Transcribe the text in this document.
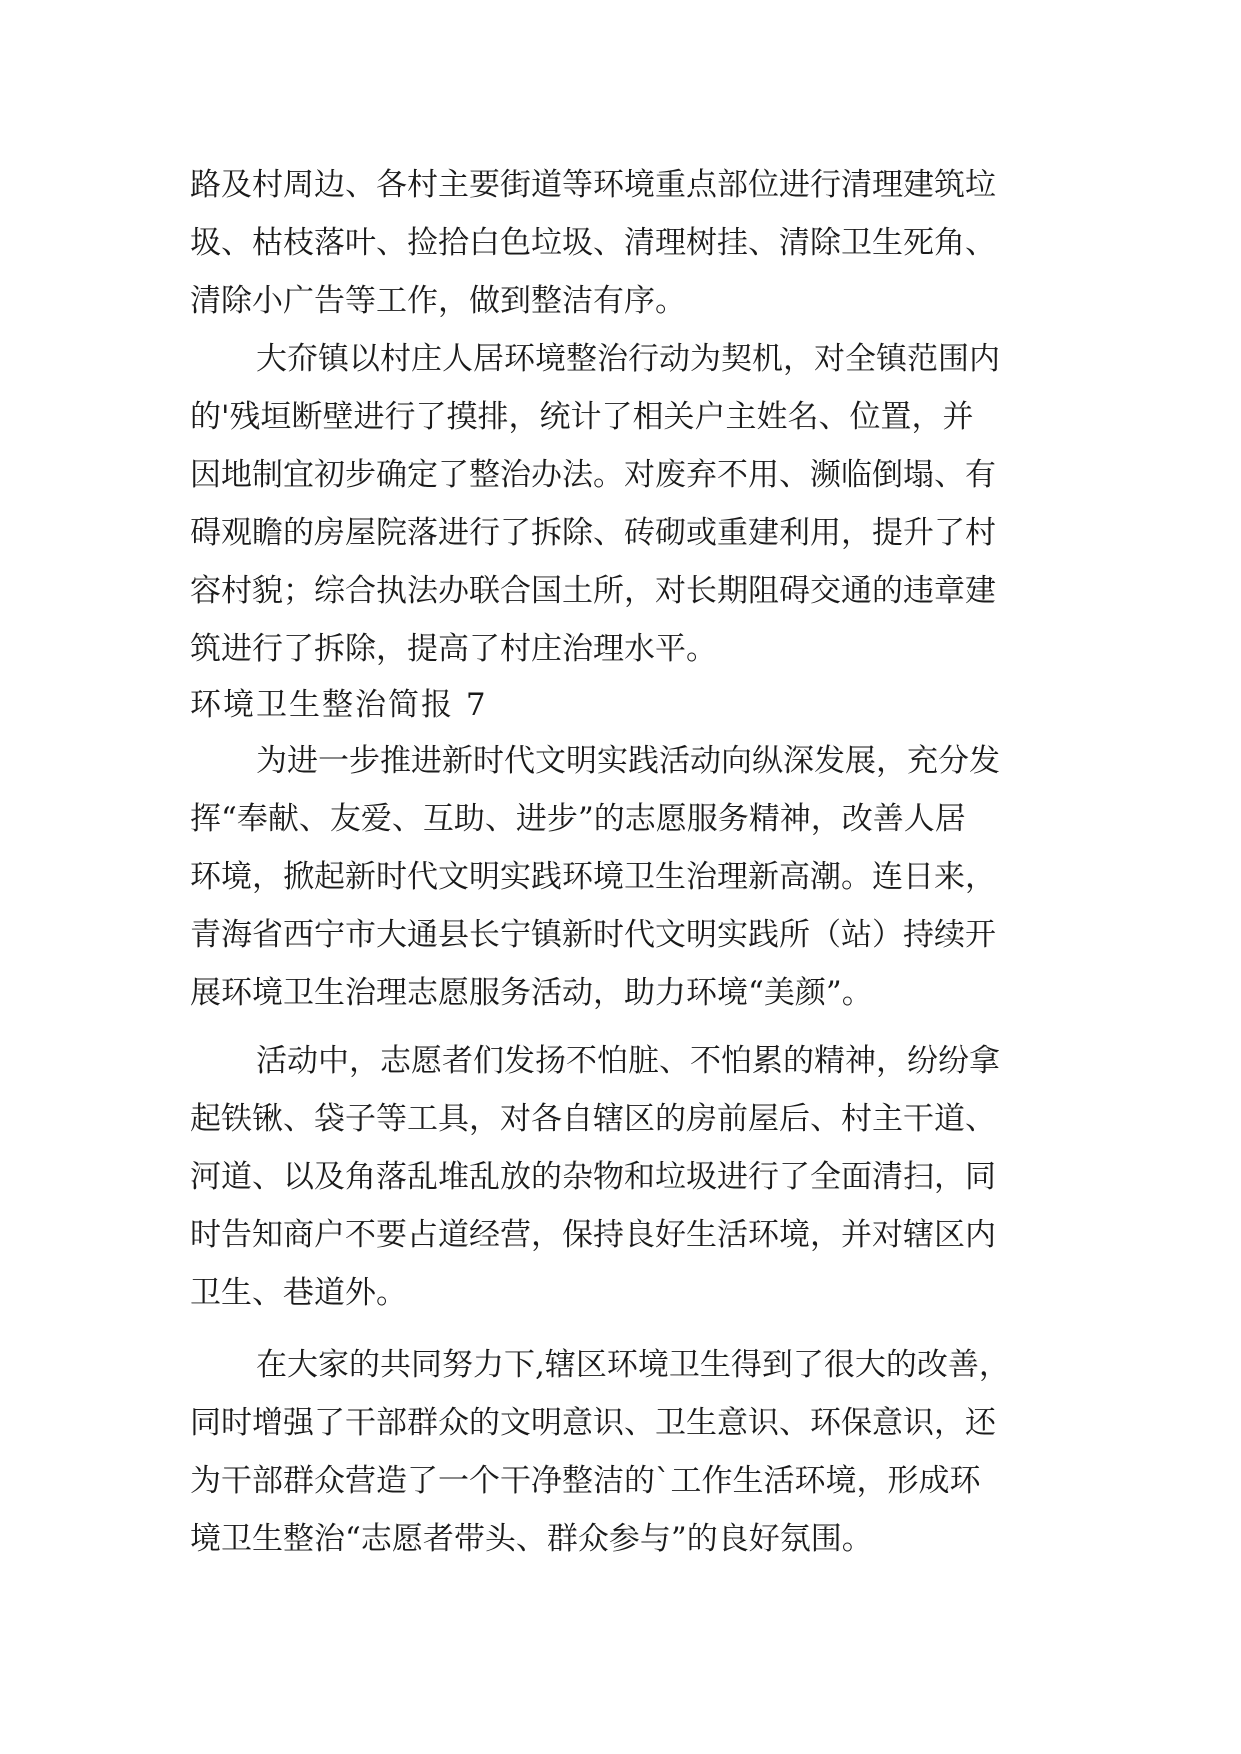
路及村周边、各村主要街道等环境重点部位进行清理建筑垃

圾、枯枝落叶、捡拾白色垃圾、清理树挂、清除卫生死角、

清除小广告等工作，做到整洁有序。

大夼镇以村庄人居环境整治行动为契机，对全镇范围内

的'残垣断壁进行了摸排，统计了相关户主姓名、位置，并

因地制宜初步确定了整治办法。对废弃不用、濒临倒塌、有

碍观瞻的房屋院落进行了拆除、砖砌或重建利用，提升了村

容村貌；综合执法办联合国土所，对长期阻碍交通的违章建

筑进行了拆除，提高了村庄治理水平。

环境卫生整治简报 7

为进一步推进新时代文明实践活动向纵深发展，充分发

挥“奉献、友爱、互助、进步”的志愿服务精神，改善人居

环境，掀起新时代文明实践环境卫生治理新高潮。连日来，

青海省西宁市大通县长宁镇新时代文明实践所（站）持续开

展环境卫生治理志愿服务活动，助力环境“美颜”。

活动中，志愿者们发扬不怕脏、不怕累的精神，纷纷拿

起铁锹、袋子等工具，对各自辖区的房前屋后、村主干道、

河道、以及角落乱堆乱放的杂物和垃圾进行了全面清扫，同

时告知商户不要占道经营，保持良好生活环境，并对辖区内

卫生、巷道外。

在大家的共同努力下,辖区环境卫生得到了很大的改善，

同时增强了干部群众的文明意识、卫生意识、环保意识，还

为干部群众营造了一个干净整洁的`工作生活环境，形成环

境卫生整治“志愿者带头、群众参与”的良好氛围。
